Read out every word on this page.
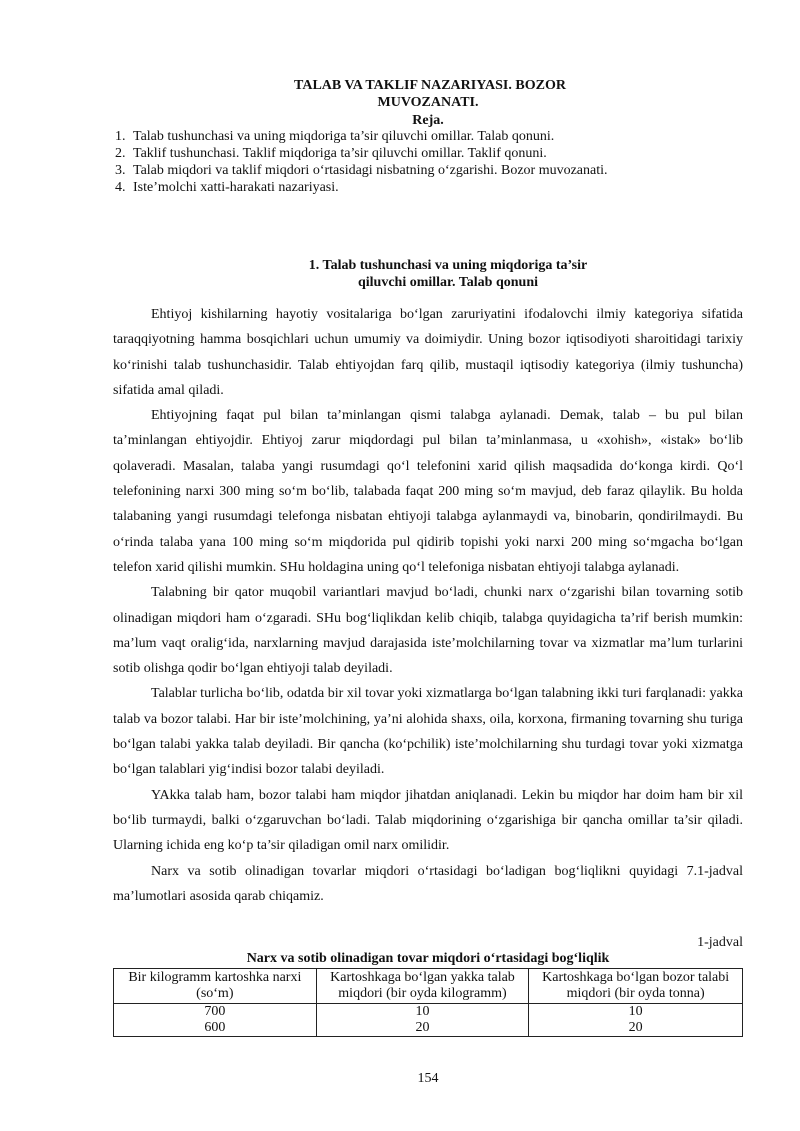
TALAB VA TAKLIF NAZARIYASI. BOZOR
MUVOZANATI.
Reja.
1. Talab tushunchasi va uning miqdoriga ta’sir qiluvchi omillar. Talab qonuni.
2. Taklif tushunchasi. Taklif miqdoriga ta’sir qiluvchi omillar. Taklif qonuni.
3. Talab miqdori va taklif miqdori o‘rtasidagi nisbatning o‘zgarishi. Bozor muvozanati.
4. Iste’molchi xatti-harakati nazariyasi.
1. Talab tushunchasi va uning miqdoriga ta’sir
qiluvchi omillar. Talab qonuni

Ehtiyoj kishilarning hayotiy vositalariga bo‘lgan zaruriyatini ifodalovchi ilmiy kategoriya sifatida taraqqiyotning hamma bosqichlari uchun umumiy va doimiydir. Uning bozor iqtisodiyoti sharoitidagi tarixiy ko‘rinishi talab tushunchasidir. Talab ehtiyojdan farq qilib, mustaqil iqtisodiy kategoriya (ilmiy tushuncha) sifatida amal qiladi.

Ehtiyojning faqat pul bilan ta’minlangan qismi talabga aylanadi. Demak, talab – bu pul bilan ta’minlangan ehtiyojdir. Ehtiyoj zarur miqdordagi pul bilan ta’minlanmasa, u «xohish», «istak» bo‘lib qolaveradi. Masalan, talaba yangi rusumdagi qo‘l telefonini xarid qilish maqsadida do‘konga kirdi. Qo‘l telefonining narxi 300 ming so‘m bo‘lib, talabada faqat 200 ming so‘m mavjud, deb faraz qilaylik. Bu holda talabaning yangi rusumdagi telefonga nisbatan ehtiyoji talabga aylanmaydi va, binobarin, qondirilmaydi. Bu o‘rinda talaba yana 100 ming so‘m miqdorida pul qidirib topishi yoki narxi 200 ming so‘mgacha bo‘lgan telefon xarid qilishi mumkin. SHu holdagina uning qo‘l telefoniga nisbatan ehtiyoji talabga aylanadi.

Talabning bir qator muqobil variantlari mavjud bo‘ladi, chunki narx o‘zgarishi bilan tovarning sotib olinadigan miqdori ham o‘zgaradi. SHu bog‘liqlikdan kelib chiqib, talabga quyidagicha ta’rif berish mumkin: ma’lum vaqt oralig‘ida, narxlarning mavjud darajasida iste’molchilarning tovar va xizmatlar ma’lum turlarini sotib olishga qodir bo‘lgan ehtiyoji talab deyiladi.

Talablar turlicha bo‘lib, odatda bir xil tovar yoki xizmatlarga bo‘lgan talabning ikki turi farqlanadi: yakka talab va bozor talabi. Har bir iste’molchining, ya’ni alohida shaxs, oila, korxona, firmaning tovarning shu turiga bo‘lgan talabi yakka talab deyiladi. Bir qancha (ko‘pchilik) iste’molchilarning shu turdagi tovar yoki xizmatga bo‘lgan talablari yig‘indisi bozor talabi deyiladi.

YAkka talab ham, bozor talabi ham miqdor jihatdan aniqlanadi. Lekin bu miqdor har doim ham bir xil bo‘lib turmaydi, balki o‘zgaruvchan bo‘ladi. Talab miqdorining o‘zgarishiga bir qancha omillar ta’sir qiladi. Ularning ichida eng ko‘p ta’sir qiladigan omil narx omilidir.

Narx va sotib olinadigan tovarlar miqdori o‘rtasidagi bo‘ladigan bog‘liqlikni quyidagi 7.1-jadval ma’lumotlari asosida qarab chiqamiz.

1-jadval
Narx va sotib olinadigan tovar miqdori o‘rtasidagi bog‘liqlik
Bir kilogramm kartoshka narxi (so‘m)	Kartoshkaga bo‘lgan yakka talab miqdori (bir oyda kilogramm)	Kartoshkaga bo‘lgan bozor talabi miqdori (bir oyda tonna)
700	10	10
600	20	20
154
